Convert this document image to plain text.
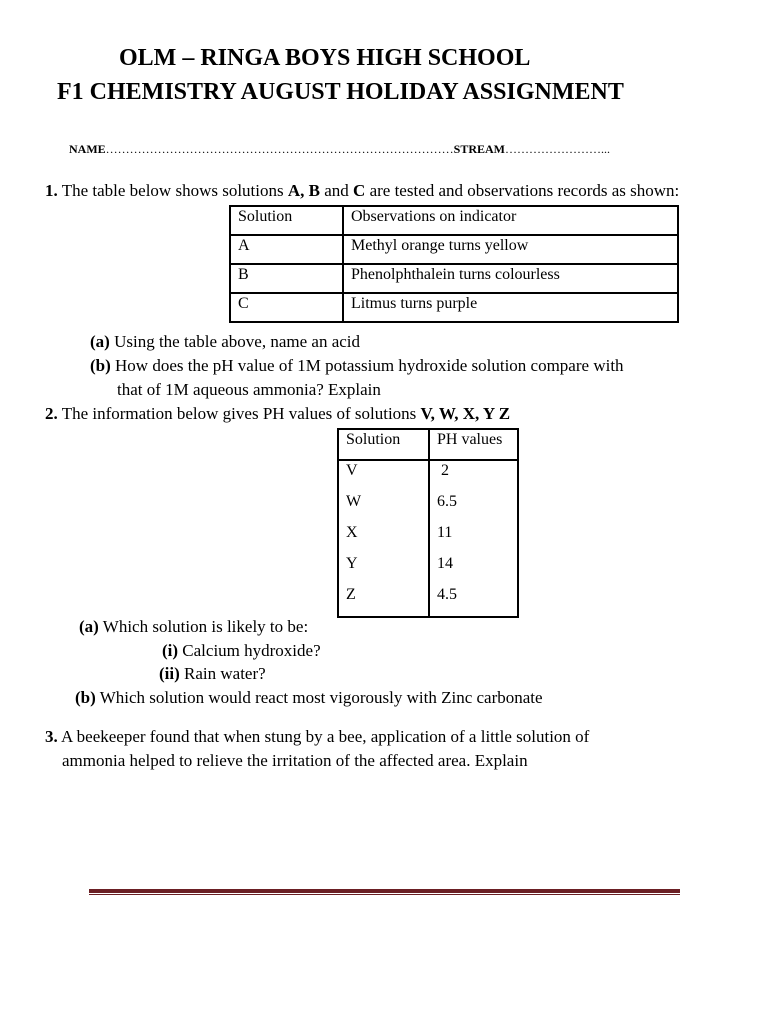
OLM – RINGA BOYS HIGH SCHOOL
F1 CHEMISTRY AUGUST HOLIDAY ASSIGNMENT
NAME……………………………………………………………………………STREAM……………………...
1. The table below shows solutions A, B and C are tested and observations records as shown:
Solution	Observations on indicator
A	Methyl orange turns yellow
B	Phenolphthalein turns colourless
C	Litmus turns purple
(a) Using the table above, name an acid
(b) How does the pH value of 1M potassium hydroxide solution compare with
that of 1M aqueous ammonia? Explain
2. The information below gives PH values of solutions V, W, X, Y Z
Solution	PH values
V	2
W	6.5
X	11
Y	14
Z	4.5
(a) Which solution is likely to be:
(i) Calcium hydroxide?
(ii) Rain water?
(b) Which solution would react most vigorously with Zinc carbonate
3. A beekeeper found that when stung by a bee, application of a little solution of
ammonia helped to relieve the irritation of the affected area. Explain
